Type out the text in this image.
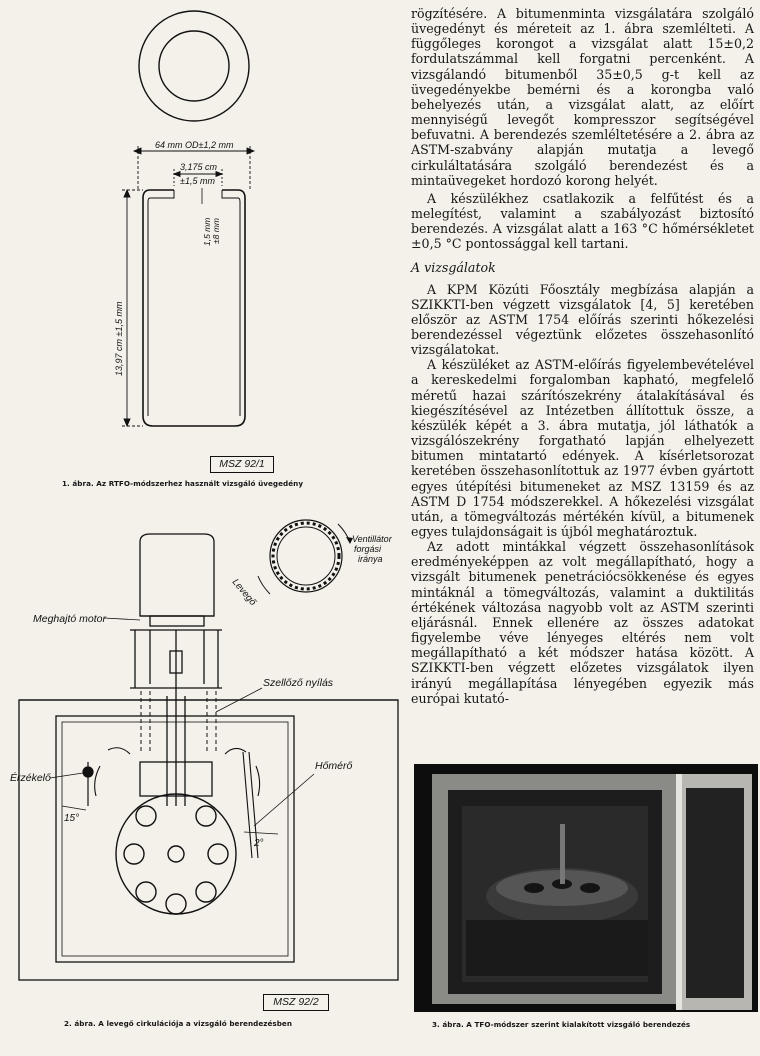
64 mm OD±1,2 mm
3,175 cm
±1,5 mm
1,5 mm ±8 mm
13,97 cm ±1,5 mm
MSZ 92/1
1. ábra. Az RTFO-módszerhez használt vizsgáló üvegedény
Meghajtó motor
Ventillátor forgási iránya
Levegő
Szellőző nyílás
Érzékelő
Hőmérő
15°
2°
MSZ 92/2
2. ábra. A levegő cirkulációja a vizsgáló berendezésben

rögzítésére. A bitumenminta vizsgálatára szolgáló üvegedényt és méreteit az 1. ábra szemlélteti. A függőleges korongot a vizsgálat alatt 15±0,2 fordulatszámmal kell forgatni percenként. A vizsgálandó bitumenből 35±0,5 g-t kell az üvegedényekbe bemérni és a korongba való behelyezés után, a vizsgálat alatt, az előírt mennyiségű levegőt kompresszor segítségével befuvatni. A berendezés szemléltetésére a 2. ábra az ASTM-szabvány alapján mutatja a levegő cirkuláltatására szolgáló berendezést és a mintaüvegeket hordozó korong helyét.

A készülékhez csatlakozik a felfűtést és a melegítést, valamint a szabályozást biztosító berendezés. A vizsgálat alatt a 163 °C hőmérsékletet ±0,5 °C pontossággal kell tartani.

A vizsgálatok

A KPM Közúti Főosztály megbízása alapján a SZIKKTI-ben végzett vizsgálatok [4, 5] keretében először az ASTM 1754 előírás szerinti hőkezelési berendezéssel végeztünk előzetes összehasonlító vizsgálatokat.

A készüléket az ASTM-előírás figyelembevételével a kereskedelmi forgalomban kapható, megfelelő méretű hazai szárítószekrény átalakításával és kiegészítésével az Intézetben állítottuk össze, a készülék képét a 3. ábra mutatja, jól láthatók a vizsgálószekrény forgatható lapján elhelyezett bitumen mintatartó edények. A kísérletsorozat keretében összehasonlítottuk az 1977 évben gyártott egyes útépítési bitumeneket az MSZ 13159 és az ASTM D 1754 módszerekkel. A hőkezelési vizsgálat után, a tömegváltozás mértékén kívül, a bitumenek egyes tulajdonságait is újból meghatároztuk.

Az adott mintákkal végzett összehasonlítások eredményeképpen az volt megállapítható, hogy a vizsgált bitumenek penetrációcsökkenése és egyes mintáknál a tömegváltozás, valamint a duktilitás értékének változása nagyobb volt az ASTM szerinti eljárásnál. Ennek ellenére az összes adatokat figyelembe véve lényeges eltérés nem volt megállapítható a két módszer hatása között. A SZIKKTI-ben végzett előzetes vizsgálatok ilyen irányú megállapítása lényegében egyezik más európai kutató-

3. ábra. A TFO-módszer szerint kialakított vizsgáló berendezés
